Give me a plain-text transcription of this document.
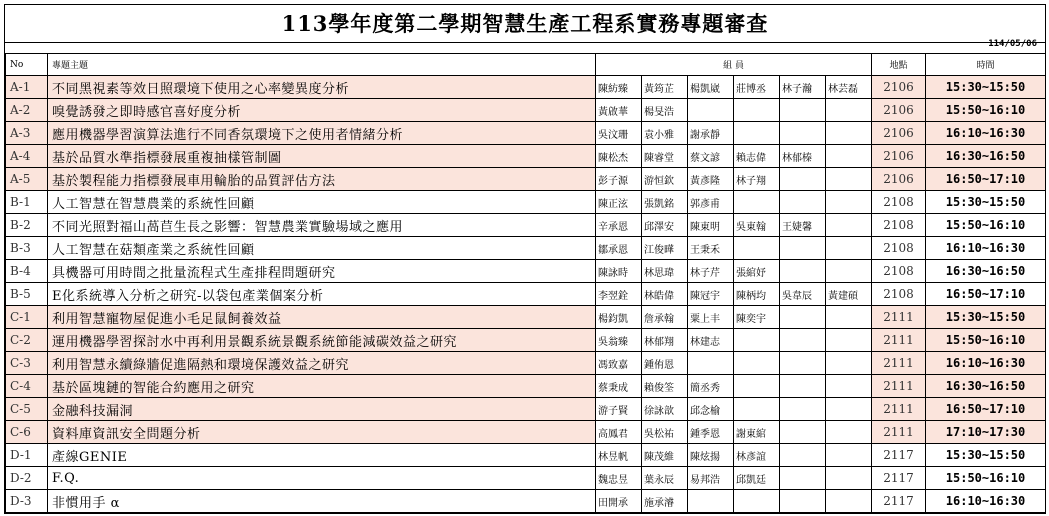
113學年度第二學期智慧生產工程系實務專題審查
114/05/06
No	專題主題	組 員						地點	時間
A-1	不同黑視素等效日照環境下使用之心率變異度分析	陳紡臻	黃筠芷	楊凱崴	莊博丞	林子瀚	林芸磊	2106	15:30~15:50
A-2	嗅覺誘發之即時感官喜好度分析	黃啟華	楊旻浩					2106	15:50~16:10
A-3	應用機器學習演算法進行不同香氛環境下之使用者情緒分析	吳汶珊	袁小雅	謝承靜				2106	16:10~16:30
A-4	基於品質水準指標發展重複抽樣管制圖	陳松杰	陳睿堂	蔡文諺	賴志偉	林郁榛		2106	16:30~16:50
A-5	基於製程能力指標發展車用輪胎的品質評估方法	彭子源	游恒欽	黃彥隆	林子翔			2106	16:50~17:10
B-1	人工智慧在智慧農業的系統性回顧	陳正泫	張凱銘	郭彥甫				2108	15:30~15:50
B-2	不同光照對福山萵苣生長之影響：智慧農業實驗場域之應用	辛承恩	邱澤安	陳東明	吳東翰	王婕馨		2108	15:50~16:10
B-3	人工智慧在菇類產業之系統性回顧	鄒承恩	江俊曄	王秉禾				2108	16:10~16:30
B-4	具機器可用時間之批量流程式生產排程問題研究	陳詠時	林思瑋	林子芹	張綰妤			2108	16:30~16:50
B-5	E化系統導入分析之研究-以袋包產業個案分析	李翌銓	林皓偉	陳冠宇	陳柄均	吳韋辰	黃建碩	2108	16:50~17:10
C-1	利用智慧寵物屋促進小毛足鼠飼養效益	楊鈞凱	詹承翰	粟上丰	陳奕宇			2111	15:30~15:50
C-2	運用機器學習探討水中再利用景觀系統景觀系統節能減碳效益之研究	吳翁臻	林郁翔	林建志				2111	15:50~16:10
C-3	利用智慧永續綠牆促進隔熱和環境保護效益之研究	馮致嘉	鍾侑恩					2111	16:10~16:30
C-4	基於區塊鏈的智能合約應用之研究	蔡秉成	賴俊筌	簡丞秀				2111	16:30~16:50
C-5	金融科技漏洞	游子賢	徐詠歆	邱念榆				2111	16:50~17:10
C-6	資料庫資訊安全問題分析	高鳳君	吳松祐	鍾季恩	謝東綰			2111	17:10~17:30
D-1	產線GENIE	林昱帆	陳茂維	陳炫揚	林彥誼			2117	15:30~15:50
D-2	F.Q.	魏忠昱	葉永辰	易邦浩	邱凱廷			2117	15:50~16:10
D-3	非慣用手 α	田開承	施承濬					2117	16:10~16:30
